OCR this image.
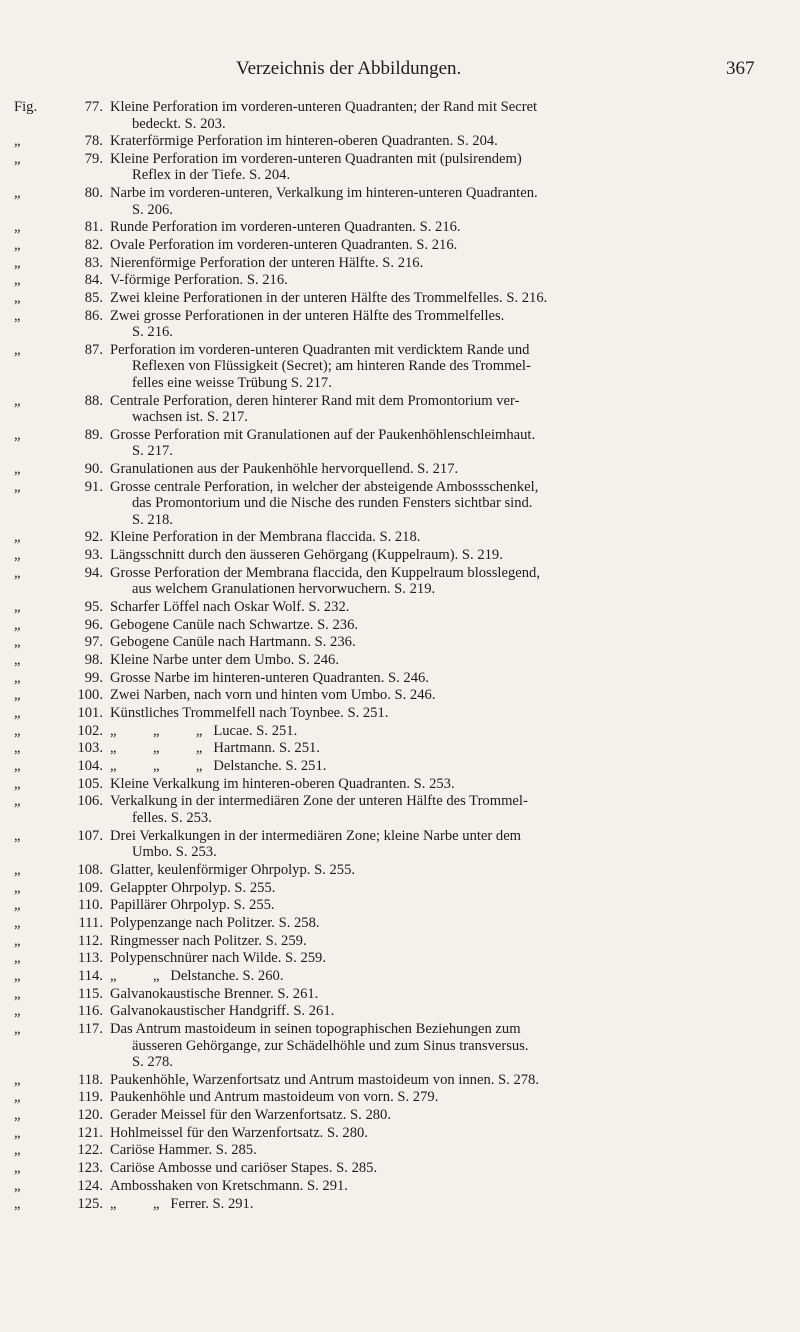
Verzeichnis der Abbildungen.	367
Fig.	77. Kleine Perforation im vorderen-unteren Quadranten; der Rand mit Secret
bedeckt. S. 203.
„	78. Kraterförmige Perforation im hinteren-oberen Quadranten. S. 204.
„	79. Kleine Perforation im vorderen-unteren Quadranten mit (pulsirendem)
Reflex in der Tiefe. S. 204.
„	80. Narbe im vorderen-unteren, Verkalkung im hinteren-unteren Quadranten.
S. 206.
„	81. Runde Perforation im vorderen-unteren Quadranten. S. 216.
„	82. Ovale Perforation im vorderen-unteren Quadranten. S. 216.
„	83. Nierenförmige Perforation der unteren Hälfte. S. 216.
„	84. V-förmige Perforation. S. 216.
„	85. Zwei kleine Perforationen in der unteren Hälfte des Trommelfelles. S. 216.
„	86. Zwei grosse Perforationen in der unteren Hälfte des Trommelfelles.
S. 216.
„	87. Perforation im vorderen-unteren Quadranten mit verdicktem Rande und
Reflexen von Flüssigkeit (Secret); am hinteren Rande des Trommel-
felles eine weisse Trübung S. 217.
„	88. Centrale Perforation, deren hinterer Rand mit dem Promontorium ver-
wachsen ist. S. 217.
„	89. Grosse Perforation mit Granulationen auf der Paukenhöhlenschleimhaut.
S. 217.
„	90. Granulationen aus der Paukenhöhle hervorquellend. S. 217.
„	91. Grosse centrale Perforation, in welcher der absteigende Ambossschenkel,
das Promontorium und die Nische des runden Fensters sichtbar sind.
S. 218.
„	92. Kleine Perforation in der Membrana flaccida. S. 218.
„	93. Längsschnitt durch den äusseren Gehörgang (Kuppelraum). S. 219.
„	94. Grosse Perforation der Membrana flaccida, den Kuppelraum blosslegend,
aus welchem Granulationen hervorwuchern. S. 219.
„	95. Scharfer Löffel nach Oskar Wolf. S. 232.
„	96. Gebogene Canüle nach Schwartze. S. 236.
„	97. Gebogene Canüle nach Hartmann. S. 236.
„	98. Kleine Narbe unter dem Umbo. S. 246.
„	99. Grosse Narbe im hinteren-unteren Quadranten. S. 246.
„	100. Zwei Narben, nach vorn und hinten vom Umbo. S. 246.
„	101. Künstliches Trommelfell nach Toynbee. S. 251.
„	102. „          „          „   Lucae. S. 251.
„	103. „          „          „   Hartmann. S. 251.
„	104. „          „          „   Delstanche. S. 251.
„	105. Kleine Verkalkung im hinteren-oberen Quadranten. S. 253.
„	106. Verkalkung in der intermediären Zone der unteren Hälfte des Trommel-
felles. S. 253.
„	107. Drei Verkalkungen in der intermediären Zone; kleine Narbe unter dem
Umbo. S. 253.
„	108. Glatter, keulenförmiger Ohrpolyp. S. 255.
„	109. Gelappter Ohrpolyp. S. 255.
„	110. Papillärer Ohrpolyp. S. 255.
„	111. Polypenzange nach Politzer. S. 258.
„	112. Ringmesser nach Politzer. S. 259.
„	113. Polypenschnürer nach Wilde. S. 259.
„	114. „          „   Delstanche. S. 260.
„	115. Galvanokaustische Brenner. S. 261.
„	116. Galvanokaustischer Handgriff. S. 261.
„	117. Das Antrum mastoideum in seinen topographischen Beziehungen zum
äusseren Gehörgange, zur Schädelhöhle und zum Sinus transversus.
S. 278.
„	118. Paukenhöhle, Warzenfortsatz und Antrum mastoideum von innen. S. 278.
„	119. Paukenhöhle und Antrum mastoideum von vorn. S. 279.
„	120. Gerader Meissel für den Warzenfortsatz. S. 280.
„	121. Hohlmeissel für den Warzenfortsatz. S. 280.
„	122. Cariöse Hammer. S. 285.
„	123. Cariöse Ambosse und cariöser Stapes. S. 285.
„	124. Ambosshaken von Kretschmann. S. 291.
„	125. „          „   Ferrer. S. 291.
